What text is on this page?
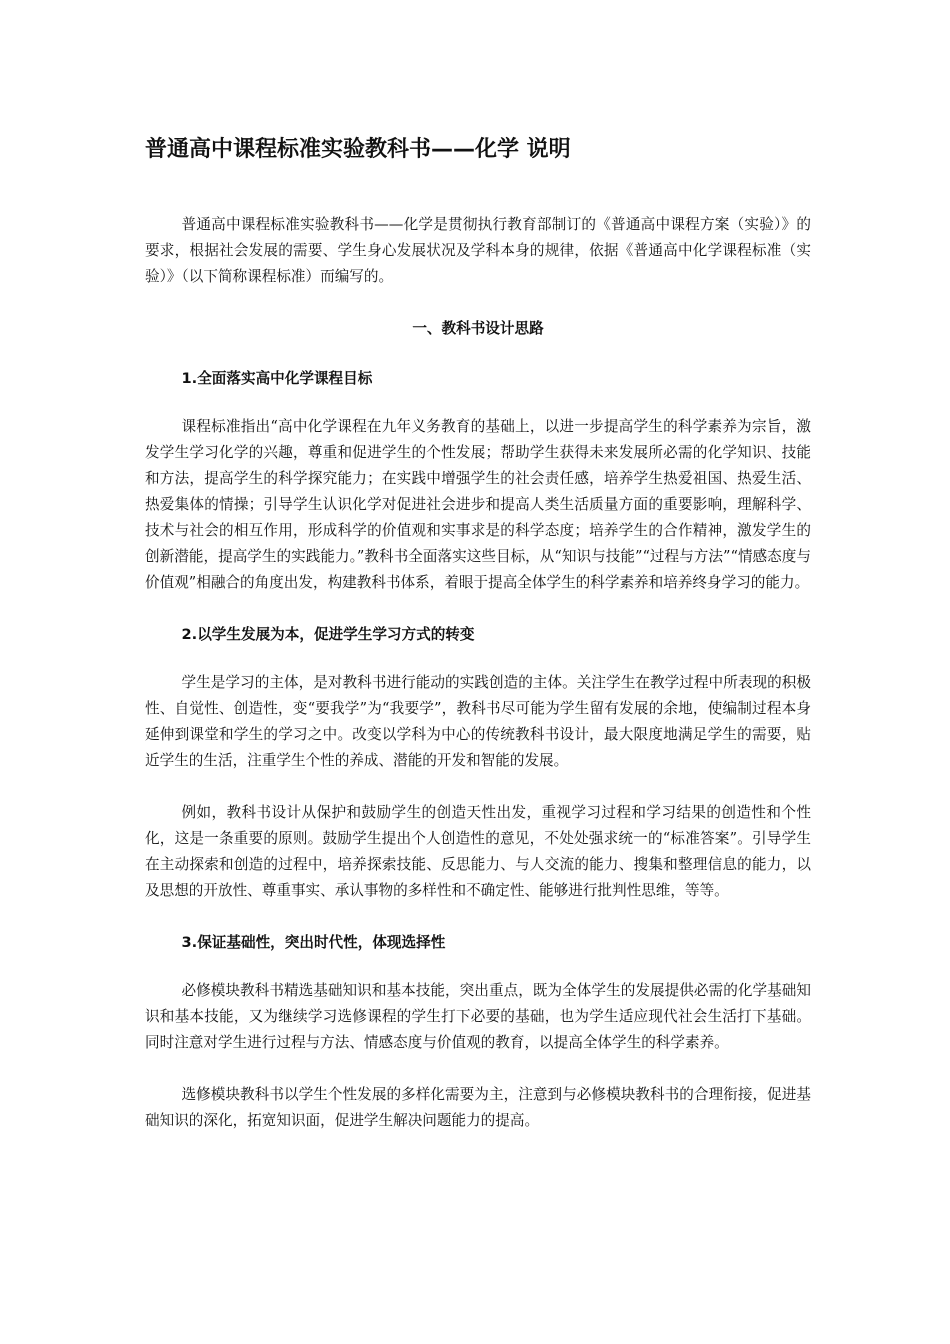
普通高中课程标准实验教科书——化学 说明

普通高中课程标准实验教科书——化学是贯彻执行教育部制订的《普通高中课程方案（实验）》的要求，根据社会发展的需要、学生身心发展状况及学科本身的规律，依据《普通高中化学课程标准（实验）》（以下简称课程标准）而编写的。

一、教科书设计思路
1.全面落实高中化学课程目标

课程标准指出“高中化学课程在九年义务教育的基础上，以进一步提高学生的科学素养为宗旨，激发学生学习化学的兴趣，尊重和促进学生的个性发展；帮助学生获得未来发展所必需的化学知识、技能和方法，提高学生的科学探究能力；在实践中增强学生的社会责任感，培养学生热爱祖国、热爱生活、热爱集体的情操；引导学生认识化学对促进社会进步和提高人类生活质量方面的重要影响，理解科学、技术与社会的相互作用，形成科学的价值观和实事求是的科学态度；培养学生的合作精神，激发学生的创新潜能，提高学生的实践能力。”教科书全面落实这些目标，从“知识与技能”“过程与方法”“情感态度与价值观”相融合的角度出发，构建教科书体系，着眼于提高全体学生的科学素养和培养终身学习的能力。

2.以学生发展为本，促进学生学习方式的转变

学生是学习的主体，是对教科书进行能动的实践创造的主体。关注学生在教学过程中所表现的积极性、自觉性、创造性，变“要我学”为“我要学”，教科书尽可能为学生留有发展的余地，使编制过程本身延伸到课堂和学生的学习之中。改变以学科为中心的传统教科书设计，最大限度地满足学生的需要，贴近学生的生活，注重学生个性的养成、潜能的开发和智能的发展。

例如，教科书设计从保护和鼓励学生的创造天性出发，重视学习过程和学习结果的创造性和个性化，这是一条重要的原则。鼓励学生提出个人创造性的意见，不处处强求统一的“标准答案”。引导学生在主动探索和创造的过程中，培养探索技能、反思能力、与人交流的能力、搜集和整理信息的能力，以及思想的开放性、尊重事实、承认事物的多样性和不确定性、能够进行批判性思维，等等。

3.保证基础性，突出时代性，体现选择性

必修模块教科书精选基础知识和基本技能，突出重点，既为全体学生的发展提供必需的化学基础知识和基本技能，又为继续学习选修课程的学生打下必要的基础，也为学生适应现代社会生活打下基础。同时注意对学生进行过程与方法、情感态度与价值观的教育，以提高全体学生的科学素养。

选修模块教科书以学生个性发展的多样化需要为主，注意到与必修模块教科书的合理衔接，促进基础知识的深化，拓宽知识面，促进学生解决问题能力的提高。
